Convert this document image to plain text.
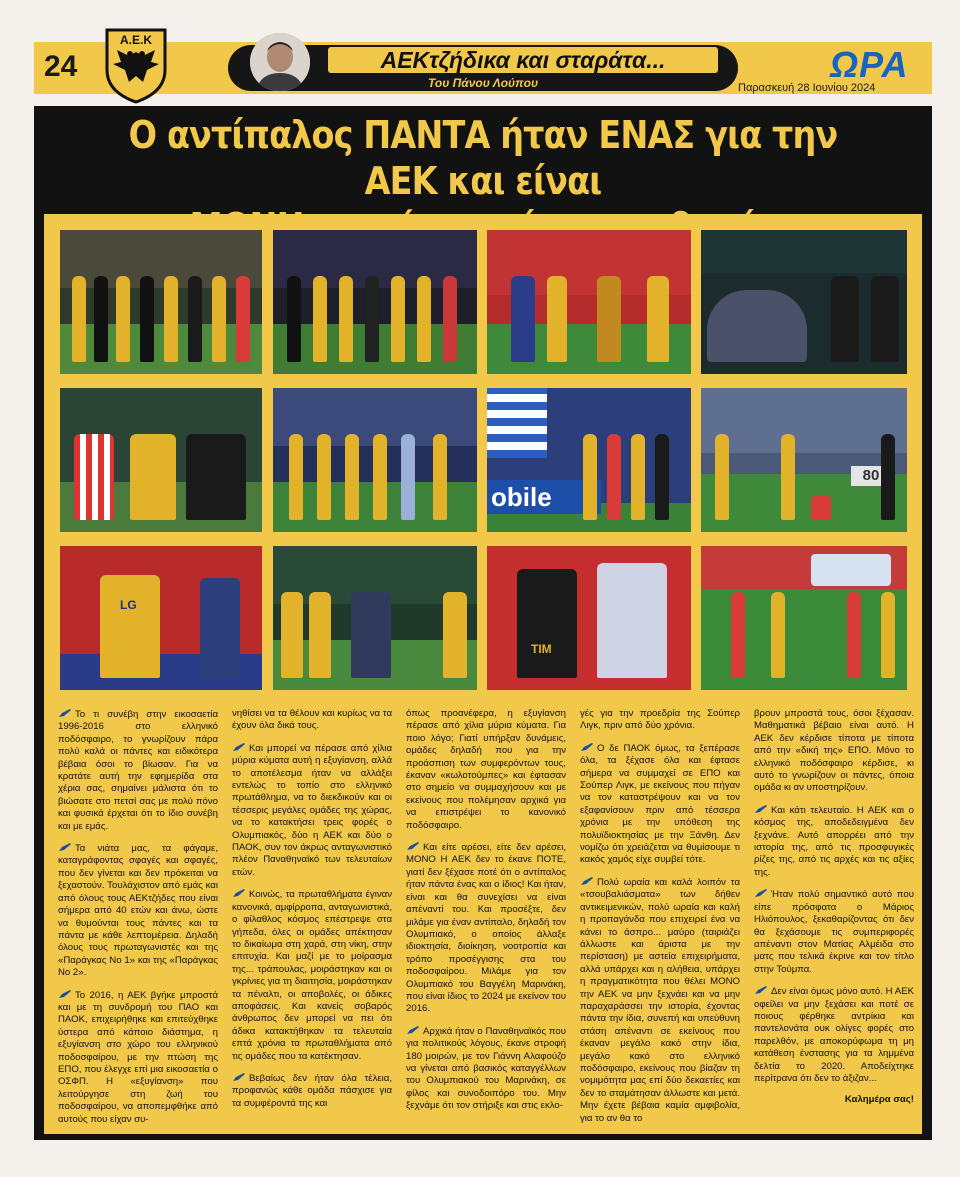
24
Α.Ε.Κ
ΑΕΚτζήδικα και σταράτα...
Του Πάνου Λούπου	ΩΡΑ
Παρασκευή 28 Ιουνίου 2024
Ο αντίπαλος ΠΑΝΤΑ ήταν ΕΝΑΣ για την ΑΕΚ και είναι
obile
80
LG
TIM

Το τι συνέβη στην εικοσαετία 1996-2016 στο ελληνικό ποδόσφαιρο, το γνωρίζουν πάρα πολύ καλά οι πάντες και ειδικότερα βέβαια όσοι το βίωσαν. Για να κρατάτε αυτή την εφημερίδα στα χέρια σας, σημαίνει μάλιστα ότι το βιώσατε στο πετσί σας με πολύ πόνο και φυσικά έρχεται ότι το ίδιο συνέβη και με εμάς.

Τα νιάτα μας, τα φάγαμε, καταγράφοντας σφαγές και σφαγές, που δεν γίνεται και δεν πρόκειται να ξεχαστούν. Τουλάχιστον από εμάς και από όλους τους ΑΕΚτζήδες που είναι σήμερα από 40 ετών και άνω, ώστε να θυμούνται τους πάντες και τα πάντα με κάθε λεπτομέρεια. Δηλαδή όλους τους πρωταγωνιστές και της «Παράγκας Νο 1» και της «Παράγκας Νο 2».

Το 2016, η ΑΕΚ βγήκε μπροστά και με τη συνδρομή του ΠΑΟ και ΠΑΟΚ, επιχειρήθηκε και επιτεύχθηκε ύστερα από κάποιο διάστημα, η εξυγίανση στο χώρο του ελληνικού ποδοσφαίρου, με την πτώση της ΕΠΟ, που έλεγχε επί μια εικοσαετία ο ΟΣΦΠ. Η «εξυγίανση» που λειτούργησε στη ζωή του ποδοσφαίρου, να αποπεμφθήκε από αυτούς που είχαν συ-

νηθίσει να τα θέλουν και κυρίως να τα έχουν όλα δικά τους.

Και μπορεί να πέρασε από χίλια μύρια κύματα αυτή η εξυγίανση, αλλά το αποτέλεσμα ήταν να αλλάξει εντελώς το τοπίο στο ελληνικό πρωτάθλημα, να το διεκδικούν και οι τέσσερις μεγάλες ομάδες της χώρας, να το κατακτήσει τρεις φορές ο Ολυμπιακός, δύο η ΑΕΚ και δύο ο ΠΑΟΚ, συν τον άκρως ανταγωνιστικό πλέον Παναθηναϊκό των τελευταίων ετών.

Κοινώς, τα πρωταθλήματα έγιναν κανονικά, αμφίρροπα, ανταγωνιστικά, ο φίλαθλος κόσμος επέστρεψε στα γήπεδα, όλες οι ομάδες απέκτησαν το δικαίωμα στη χαρά, στη νίκη, στην επιτυχία. Και μαζί με το μοίρασμα της... τράπουλας, μοιράστηκαν και οι γκρίνιες για τη διαιτησία, μοιράστηκαν τα πέναλτι, οι αποβολές, οι άδικες αποφάσεις. Και κανείς σοβαρός άνθρωπος δεν μπορεί να πει ότι άδικα κατακτήθηκαν τα τελευταία επτά χρόνια τα πρωταθλήματα από τις ομάδες που τα κατέκτησαν.

Βεβαίως δεν ήταν όλα τέλεια, προφανώς κάθε ομάδα πάσχισε για τα συμφέροντά της και

όπως προανέφερα, η εξυγίανση πέρασε από χίλια μύρια κύματα. Για ποιο λόγο; Γιατί υπήρξαν δυνάμεις, ομάδες δηλαδή που για την προάσπιση των συμφερόντων τους, έκαναν «κωλοτούμπες» και έφτασαν στο σημείο να συμμαχήσουν και με εκείνους που πολέμησαν αρχικά για να επιστρέψει το κανονικό ποδόσφαιρο.

Και είτε αρέσει, είτε δεν αρέσει, ΜΟΝΟ Η ΑΕΚ δεν το έκανε ΠΟΤΕ, γιατί δεν ξέχασε ποτέ ότι ο αντίπαλος ήταν πάντα ένας και ο ίδιος! Και ήταν, είναι και θα συνεχίσει να είναι απέναντί του. Και προσέξτε, δεν μιλάμε για έναν αντίπαλο, δηλαδή τον Ολυμπιακό, ο οποίος άλλαξε ιδιοκτησία, διοίκηση, νοοτροπία και τρόπο προσέγγισης στα του ποδοσφαίρου. Μιλάμε για τον Ολυμπιακό του Βαγγέλη Μαρινάκη, που είναι ίδιος το 2024 με εκείνον του 2016.

Αρχικά ήταν ο Παναθηναϊκός που για πολιτικούς λόγους, έκανε στροφή 180 μοιρών, με τον Γιάννη Αλαφούζο να γίνεται από βασικός καταγγέλλων του Ολυμπιακού του Μαρινάκη, σε φίλος και συνοδοιπόρο του. Μην ξεχνάμε ότι τον στήριξε και στις εκλο-

γές για την προεδρία της Σούπερ Λιγκ, πριν από δύο χρόνια.

Ο δε ΠΑΟΚ όμως, τα ξεπέρασε όλα, τα ξέχασε όλα και έφτασε σήμερα να συμμαχεί σε ΕΠΟ και Σούπερ Λιγκ, με εκείνους που πήγαν να τον καταστρέψουν και να τον εξαφανίσουν πριν από τέσσερα χρόνια με την υπόθεση της πολυϊδιοκτησίας με την Ξάνθη. Δεν νομίζω ότι χρειάζεται να θυμίσουμε τι κακός χαμός είχε συμβεί τότε.

Πολύ ωραία και καλά λοιπόν τα «τσουβαλιάσματα» των δήθεν αντικειμενικών, πολύ ωραία και καλή η προπαγάνδα που επιχειρεί ένα να κάνει το άσπρο... μαύρο (ταιριάζει άλλωστε και άριστα με την περίσταση) με αστεία επιχειρήματα, αλλά υπάρχει και η αλήθεια, υπάρχει η πραγματικότητα που θέλει ΜΟΝΟ την ΑΕΚ να μην ξεχνάει και να μην παραχαράσσει την ιστορία, έχοντας πάντα την ίδια, συνεπή και υπεύθυνη στάση απέναντι σε εκείνους που έκαναν μεγάλο κακό στην ίδια, μεγάλο κακό στο ελληνικό ποδόσφαιρο, εκείνους που βίαζαν τη νομιμότητα μας επί δύο δεκαετίες και δεν το σταμάτησαν άλλωστε και μετά. Μην έχετε βέβαια καμία αμφιβολία, για το αν θα το

βρουν μπροστά τους, όσοι ξέχασαν. Μαθηματικά βέβαιο είναι αυτό. Η ΑΕΚ δεν κέρδισε τίποτα με τίποτα από την «δική της» ΕΠΟ. Μόνο το ελληνικό ποδόσφαιρο κέρδισε, κι αυτό το γνωρίζουν οι πάντες, όποια ομάδα κι αν υποστηρίζουν.

Και κάτι τελευταίο. Η ΑΕΚ και ο κόσμος της, αποδεδειγμένα δεν ξεχνάνε. Αυτό απορρέει από την ιστορία της, από τις προσφυγικές ρίζες της, από τις αρχές και τις αξίες της.

Ήταν πολύ σημαντικό αυτό που είπε πρόσφατα ο Μάριος Ηλιόπουλος, ξεκαθαρίζοντας ότι δεν θα ξεχάσουμε τις συμπεριφορές απέναντι στον Ματίας Αλμέιδα στο ματς που τελικά έκρινε και τον τίτλο στην Τούμπα.

Δεν είναι όμως μόνο αυτό. Η ΑΕΚ οφείλει να μην ξεχάσει και ποτέ σε ποιους φέρθηκε αντρίκια και παντελονάτα ουκ ολίγες φορές στο παρελθόν, με αποκορύφωμα τη μη κατάθεση ένστασης για τα λημμένα δελτία το 2020. Αποδείχτηκε περίτρανα ότι δεν το άξιζαν...

Καλημέρα σας!
